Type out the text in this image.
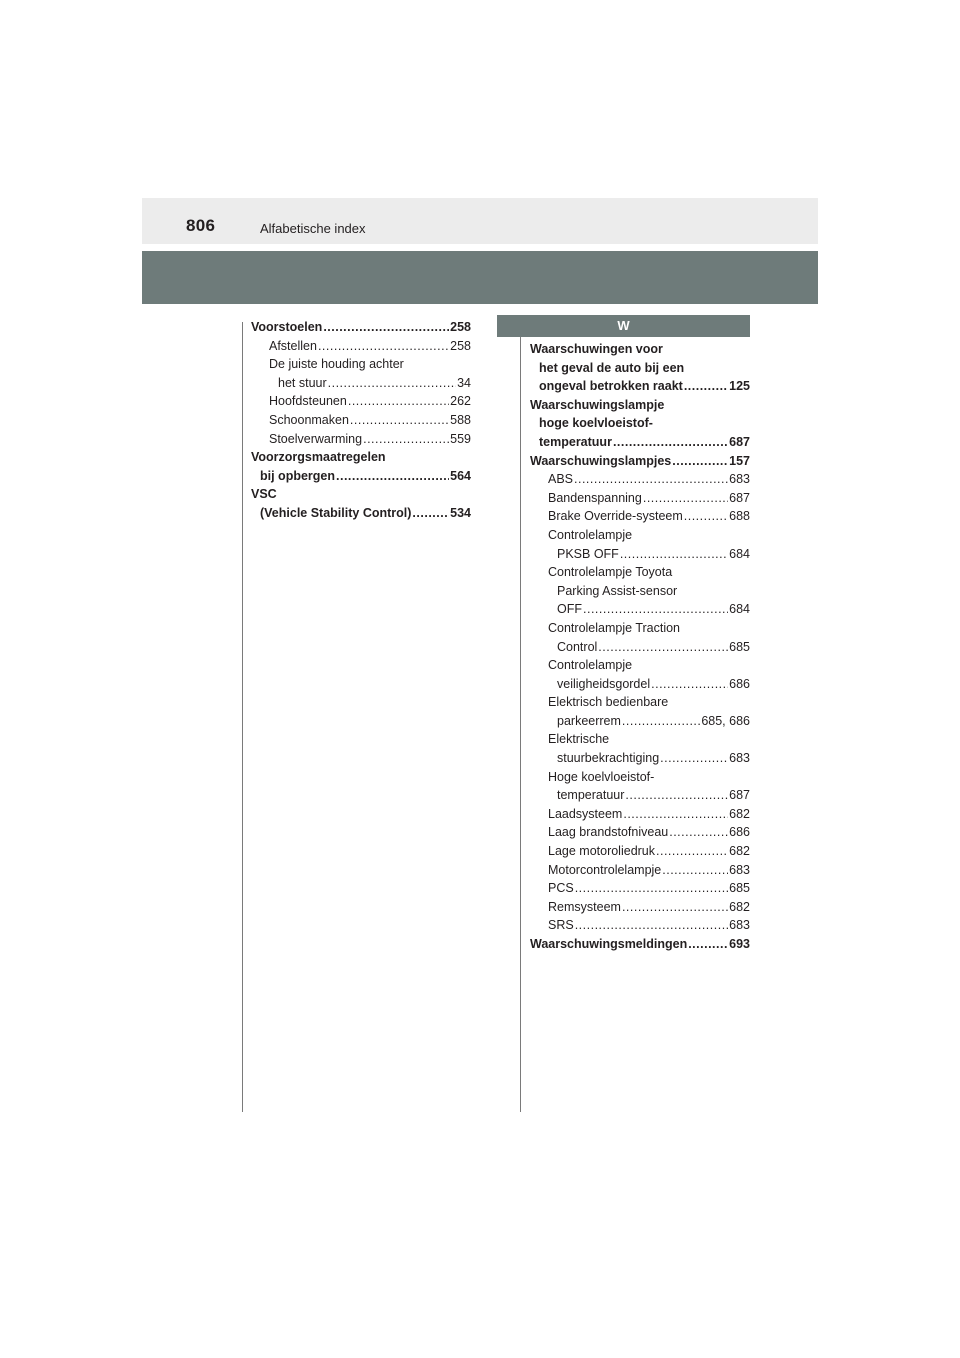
806	Alfabetische index
W
Voorstoelen .....	258
Afstellen .....	258
De juiste houding achter
het stuur .....	34
Hoofdsteunen .....	262
Schoonmaken .....	588
Stoelverwarming .....	559
Voorzorgsmaatregelen
bij opbergen .....	564
VSC
(Vehicle Stability Control) .....	534
Waarschuwingen voor
het geval de auto bij een
ongeval betrokken raakt .....	125
Waarschuwingslampje
hoge koelvloeistof-
temperatuur .....	687
Waarschuwingslampjes .....	157
ABS .....	683
Bandenspanning .....	687
Brake Override-systeem .....	688
Controlelampje
PKSB OFF .....	684
Controlelampje Toyota
Parking Assist-sensor
OFF .....	684
Controlelampje Traction
Control .....	685
Controlelampje
veiligheidsgordel .....	686
Elektrisch bedienbare
parkeerrem .....	685, 686
Elektrische
stuurbekrachtiging .....	683
Hoge koelvloeistof-
temperatuur .....	687
Laadsysteem .....	682
Laag brandstofniveau .....	686
Lage motoroliedruk .....	682
Motorcontrolelampje .....	683
PCS .....	685
Remsysteem .....	682
SRS .....	683
Waarschuwingsmeldingen .....	693
